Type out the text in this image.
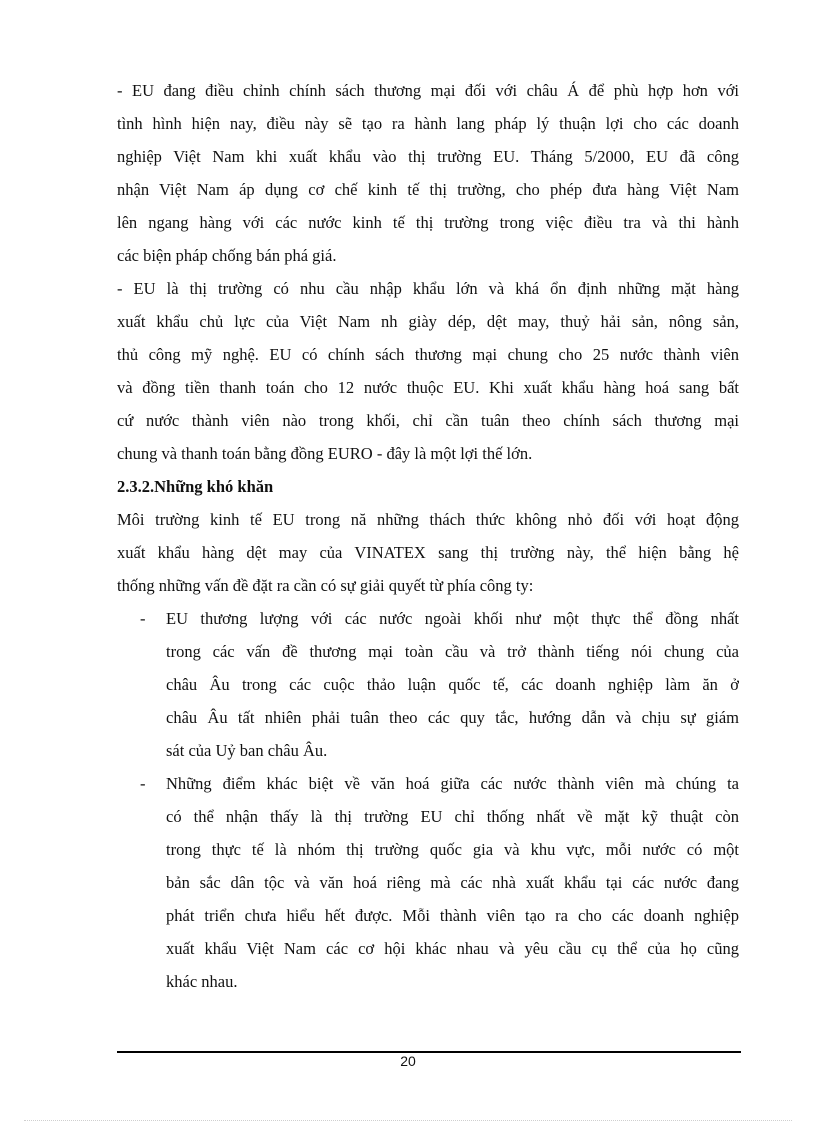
- EU đang điều chỉnh chính sách thương mại đối với châu Á để phù hợp hơn với
tình hình hiện nay, điều này sẽ tạo ra hành lang pháp lý thuận lợi cho các doanh
nghiệp Việt Nam khi xuất khẩu vào thị trường EU. Tháng 5/2000, EU đã công
nhận Việt Nam áp dụng cơ chế kinh tế thị trường, cho phép đưa hàng Việt Nam
lên ngang hàng với các nước kinh tế thị trường trong việc điều tra và thi hành
các biện pháp chống bán phá giá.
- EU là thị trường có nhu cầu nhập khẩu lớn và khá ổn định những mặt hàng
xuất khẩu chủ lực của Việt Nam nh giày dép, dệt may, thuỷ hải sản, nông sản,
thủ công mỹ nghệ. EU có chính sách thương mại chung cho 25 nước thành viên
và đồng tiền thanh toán cho 12 nước thuộc EU. Khi xuất khẩu hàng hoá sang bất
cứ nước thành viên nào trong khối, chỉ cần tuân theo chính sách thương mại
chung và thanh toán bằng đồng EURO - đây là một lợi thế lớn.
2.3.2.Những khó khăn
Môi trường kinh tế EU trong nă những thách thức không nhỏ đối với hoạt động
xuất khẩu hàng dệt may của VINATEX sang thị trường này, thể hiện bằng hệ
thống những vấn đề đặt ra cần có sự giải quyết từ phía công ty:
- EU thương lượng với các nước ngoài khối như một thực thể đồng nhất
trong các vấn đề thương mại toàn cầu và trở thành tiếng nói chung của
châu Âu trong các cuộc thảo luận quốc tế, các doanh nghiệp làm ăn ở
châu Âu tất nhiên phải tuân theo các quy tắc, hướng dẫn và chịu sự giám
sát của Uỷ ban châu Âu.
- Những điểm khác biệt về văn hoá giữa các nước thành viên mà chúng ta
có thể nhận thấy là thị trường EU chỉ thống nhất về mặt kỹ thuật còn
trong thực tế là nhóm thị trường quốc gia và khu vực, mỗi nước có một
bản sắc dân tộc và văn hoá riêng mà các nhà xuất khẩu tại các nước đang
phát triển chưa hiểu hết được. Mỗi thành viên tạo ra cho các doanh nghiệp
xuất khẩu Việt Nam các cơ hội khác nhau và yêu cầu cụ thể của họ cũng
khác nhau.
20
